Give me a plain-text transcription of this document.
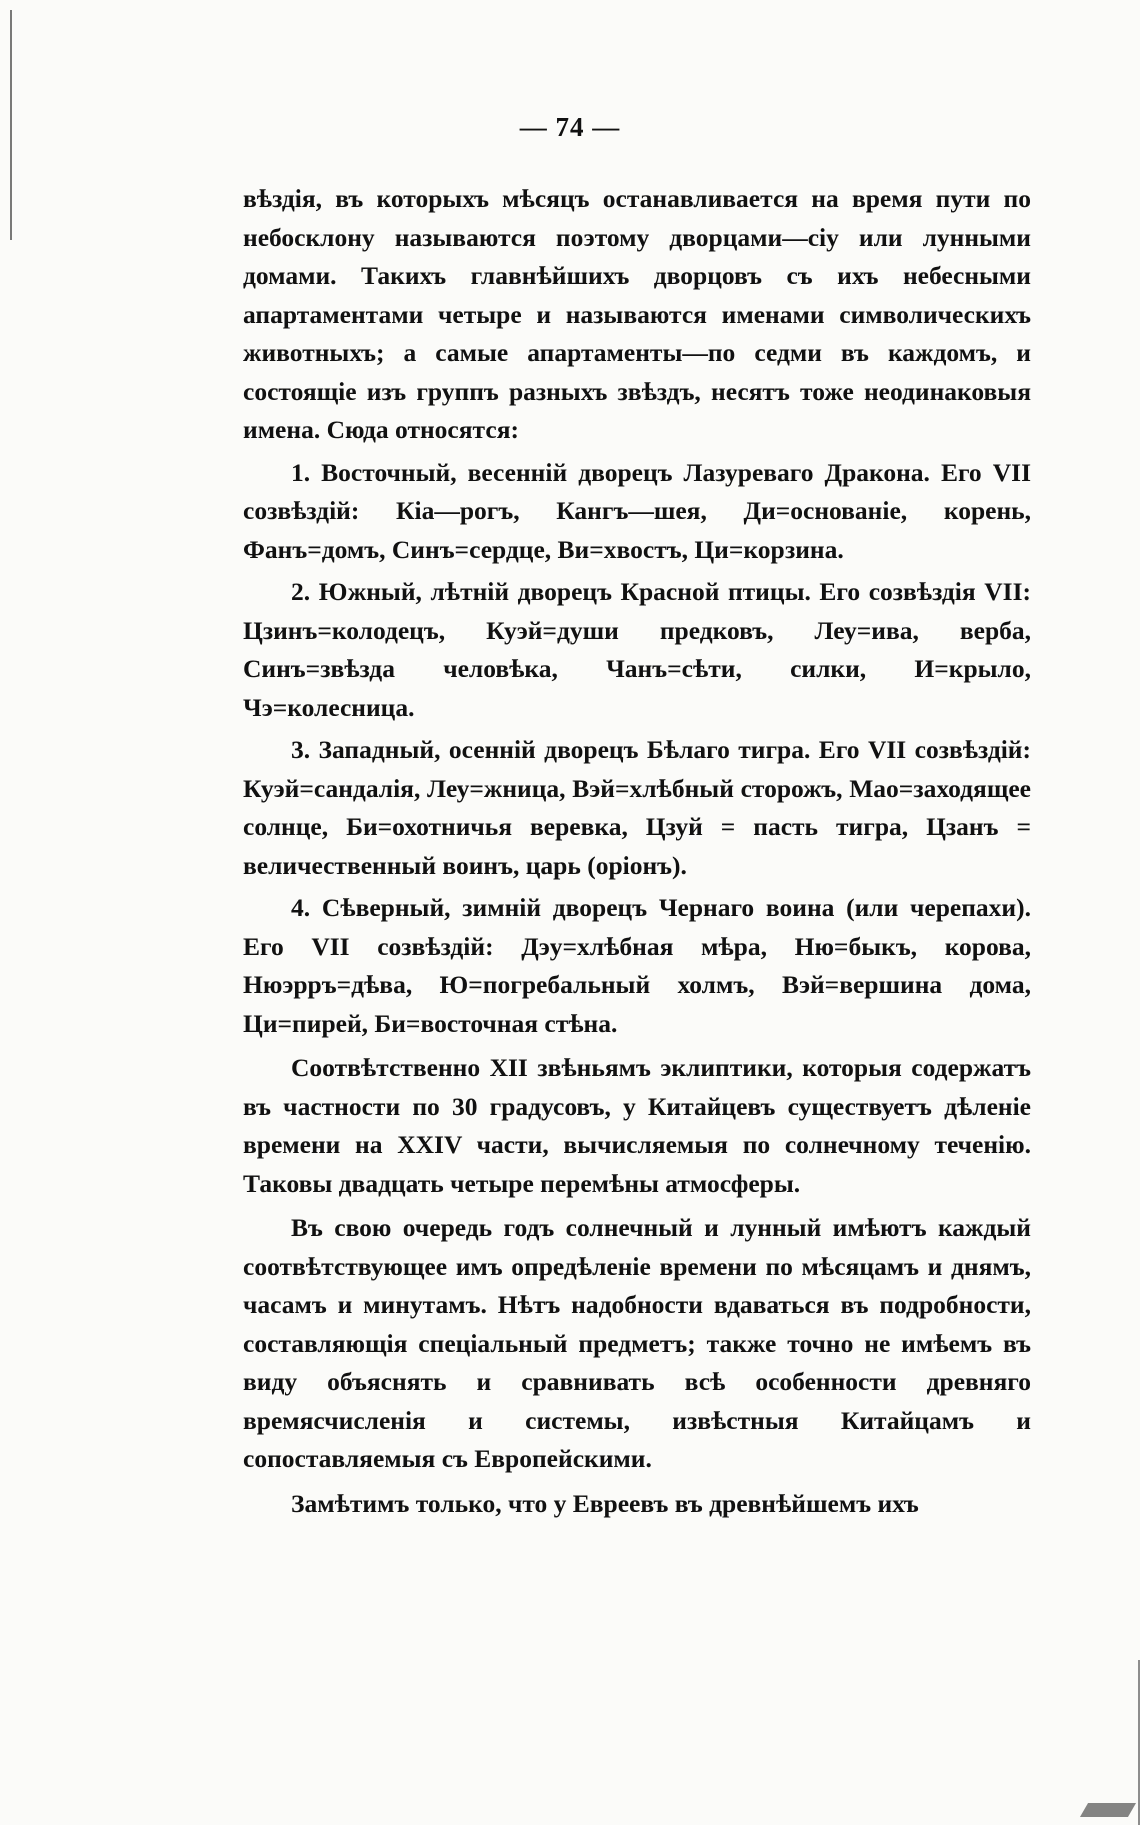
— 74 —

вѣздія, въ которыхъ мѣсяцъ останавливается на время пути по небосклону называются поэтому дворцами—сіу или лунными домами. Такихъ главнѣйшихъ дворцовъ съ ихъ небесными апартаментами четыре и называются именами символическихъ животныхъ; а самые апартаменты—по седми въ каждомъ, и состоящіе изъ группъ разныхъ звѣздъ, несятъ тоже неодинаковыя имена. Сюда относятся:

1. Восточный, весенній дворецъ Лазуреваго Дракона. Его VII созвѣздій: Кіа—рогъ, Кангъ—шея, Ди=основаніе, корень, Фанъ=домъ, Синъ=сердце, Ви=хвостъ, Ци=корзина.

2. Южный, лѣтній дворецъ Красной птицы. Его созвѣздія VII: Цзинъ=колодецъ, Куэй=души предковъ, Леу=ива, верба, Синъ=звѣзда человѣка, Чанъ=сѣти, силки, И=крыло, Чэ=колесница.

3. Западный, осенній дворецъ Бѣлаго тигра. Его VII созвѣздій: Куэй=сандалія, Леу=жница, Вэй=хлѣбный сторожъ, Мао=заходящее солнце, Би=охотничья веревка, Цзуй = пасть тигра, Цзанъ = величественный воинъ, царь (оріонъ).

4. Сѣверный, зимній дворецъ Чернаго воина (или черепахи). Его VII созвѣздій: Дэу=хлѣбная мѣра, Ню=быкъ, корова, Нюэрръ=дѣва, Ю=погребальный холмъ, Вэй=вершина дома, Ци=пирей, Би=восточная стѣна.

Соотвѣтственно XII звѣньямъ эклиптики, которыя содержатъ въ частности по 30 градусовъ, у Китайцевъ существуетъ дѣленіе времени на XXIV части, вычисляемыя по солнечному теченію. Таковы двадцать четыре перемѣны атмосферы.

Въ свою очередь годъ солнечный и лунный имѣютъ каждый соотвѣтствующее имъ опредѣленіе времени по мѣсяцамъ и днямъ, часамъ и минутамъ. Нѣтъ надобности вдаваться въ подробности, составляющія спеціальный предметъ; также точно не имѣемъ въ виду объяснять и сравнивать всѣ особенности древняго времясчисленія и системы, извѣстныя Китайцамъ и сопоставляемыя съ Европейскими.

Замѣтимъ только, что у Евреевъ въ древнѣйшемъ ихъ
